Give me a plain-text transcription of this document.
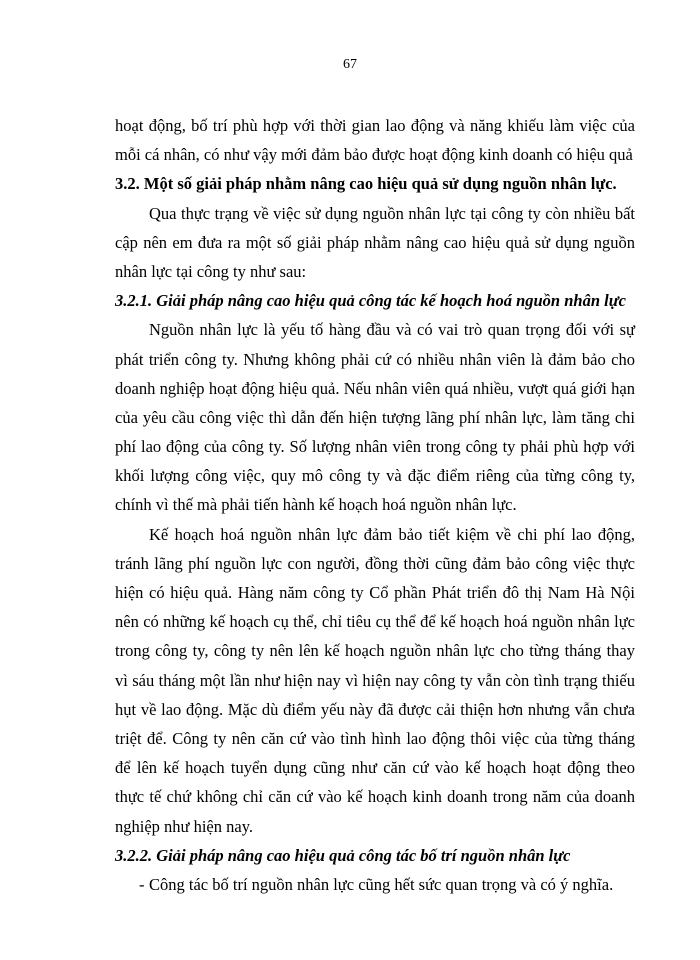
67
hoạt động, bố trí phù hợp với thời gian lao động và năng khiếu làm việc của
mỗi cá nhân, có như vậy mới đảm bảo được hoạt động kinh doanh có hiệu quả
3.2. Một số giải pháp nhằm nâng cao hiệu quả sử dụng nguồn nhân lực.
Qua thực trạng về việc sử dụng nguồn nhân lực tại công ty còn nhiều bất
cập nên em đưa ra một số giải pháp nhằm nâng cao hiệu quả sử dụng nguồn
nhân lực tại công ty như sau:
3.2.1. Giải pháp nâng cao hiệu quả công tác kế hoạch hoá nguồn nhân lực
Nguồn nhân lực là yếu tố hàng đầu và có vai trò quan trọng đối với sự
phát triển công ty. Nhưng không phải cứ có nhiều nhân viên là đảm bảo cho
doanh nghiệp hoạt động hiệu quả. Nếu nhân viên quá nhiều, vượt quá giới hạn
của yêu cầu công việc thì dẫn đến hiện tượng lãng phí nhân lực, làm tăng chi
phí lao động của công ty. Số lượng nhân viên trong công ty phải phù hợp với
khối lượng công việc, quy mô công ty và đặc điểm riêng của từng công ty,
chính vì thế mà phải tiến hành kế hoạch hoá nguồn nhân lực.
Kế hoạch hoá nguồn nhân lực đảm bảo tiết kiệm về chi phí lao động,
tránh lãng phí nguồn lực con người, đồng thời cũng đảm bảo công việc thực
hiện có hiệu quả. Hàng năm công ty Cổ phần Phát triển đô thị Nam Hà Nội
nên có những kế hoạch cụ thể, chỉ tiêu cụ thể để kế hoạch hoá nguồn nhân lực
trong công ty, công ty nên lên kế hoạch nguồn nhân lực cho từng tháng thay
vì sáu tháng một lần như hiện nay vì hiện nay công ty vẫn còn tình trạng thiếu
hụt về lao động. Mặc dù điểm yếu này đã được cải thiện hơn nhưng vẫn chưa
triệt để. Công ty nên căn cứ vào tình hình lao động thôi việc của từng tháng
để lên kế hoạch tuyển dụng cũng như căn cứ vào kế hoạch hoạt động theo
thực tế chứ không chỉ căn cứ vào kế hoạch kinh doanh trong năm của doanh
nghiệp như hiện nay.
3.2.2. Giải pháp nâng cao hiệu quả công tác bố trí nguồn nhân lực
- Công tác bố trí nguồn nhân lực cũng hết sức quan trọng và có ý nghĩa.
